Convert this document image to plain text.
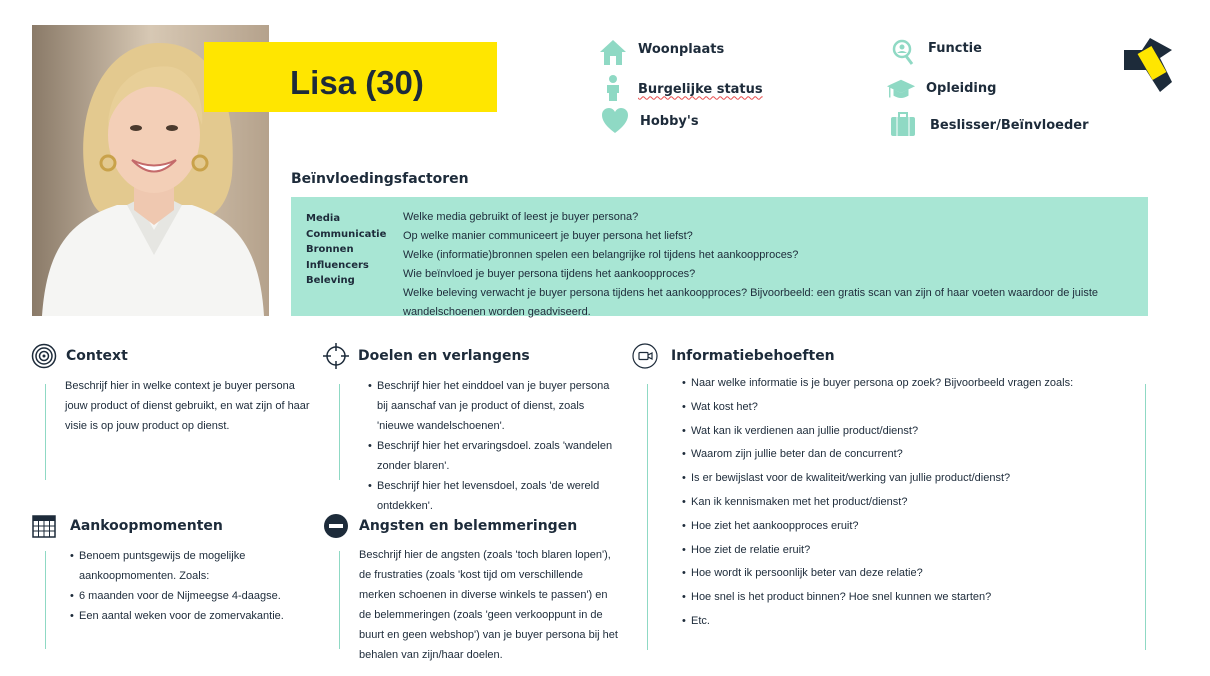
Lisa (30)
Woonplaats
Burgelijke status
Hobby's
Functie
Opleiding
Beslisser/Beïnvloeder
Beïnvloedingsfactoren
Media
Communicatie
Bronnen
Influencers
Beleving
Welke media gebruikt of leest je buyer persona?
Op welke manier communiceert je buyer persona het liefst?
Welke (informatie)bronnen spelen een belangrijke rol tijdens het aankoopproces?
Wie beïnvloed je buyer persona tijdens het aankoopproces?
Welke beleving verwacht je buyer persona tijdens het aankoopproces? Bijvoorbeeld: een gratis scan van zijn of haar voeten waardoor de juiste wandelschoenen worden geadviseerd.
Context
Beschrijf hier in welke context je buyer persona jouw product of dienst gebruikt, en wat zijn of haar visie is op jouw product op dienst.
Doelen en verlangens
• Beschrijf hier het einddoel van je buyer persona bij aanschaf van je product of dienst, zoals 'nieuwe wandelschoenen'.
• Beschrijf hier het ervaringsdoel. zoals 'wandelen zonder blaren'.
• Beschrijf hier het levensdoel, zoals 'de wereld ontdekken'.
Aankoopmomenten
• Benoem puntsgewijs de mogelijke aankoopmomenten. Zoals:
• 6 maanden voor de Nijmeegse 4-daagse.
• Een aantal weken voor de zomervakantie.
Angsten en belemmeringen
Beschrijf hier de angsten (zoals 'toch blaren lopen'), de frustraties (zoals 'kost tijd om verschillende merken schoenen in diverse winkels te passen') en de belemmeringen (zoals 'geen verkooppunt in de buurt en geen webshop') van je buyer persona bij het behalen van zijn/haar doelen.
Informatiebehoeften
• Naar welke informatie is je buyer persona op zoek? Bijvoorbeeld vragen zoals:
• Wat kost het?
• Wat kan ik verdienen aan jullie product/dienst?
• Waarom zijn jullie beter dan de concurrent?
• Is er bewijslast voor de kwaliteit/werking van jullie product/dienst?
• Kan ik kennismaken met het product/dienst?
• Hoe ziet het aankoopproces eruit?
• Hoe ziet de relatie eruit?
• Hoe wordt ik persoonlijk beter van deze relatie?
• Hoe snel is het product binnen? Hoe snel kunnen we starten?
• Etc.
